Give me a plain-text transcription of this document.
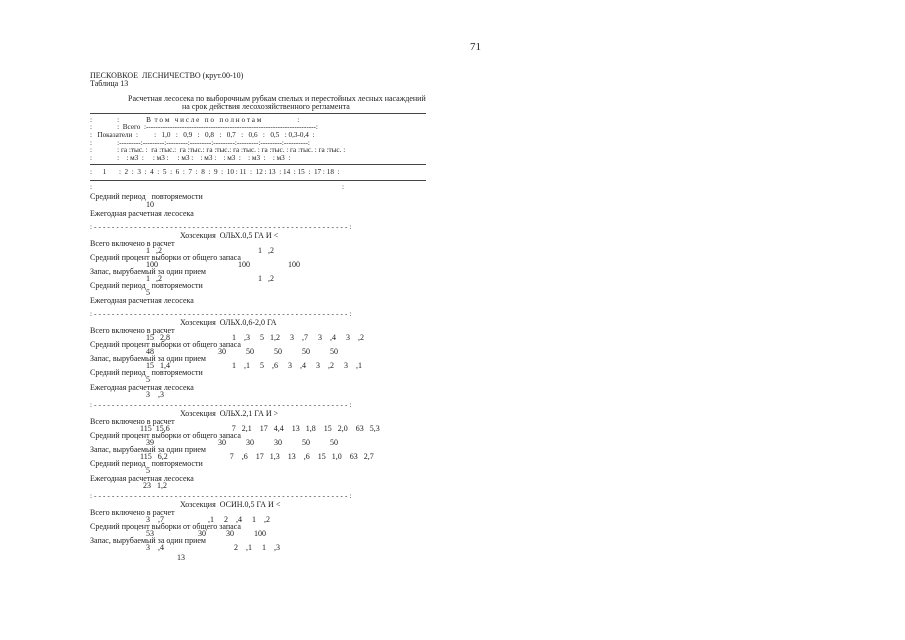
71
ПЕСКОВКОЕ  ЛЕСНИЧЕСТВО (крут.00-10)
Таблица 13
Расчетная лесосека по выборочным рубкам спелых и перестойных лесных насаждений
на срок действия лесохозяйственного регламента
:              :               В  т о м   ч и с л е   п о   п о л н о т а м                    :
:              :  Всего  :-----------------------------------------------------------------------:
:   Показатели  :         :   1,0   :   0,9   :   0,8   :   0,7   :   0,6   :   0,5   : 0,3-0,4  :
:              :---------:---------:---------:---------:---------:---------:---------:----------:
:              : га :тыс. :  га :тыс.:  га :тыс.: га :тыс.: га :тыс. : га :тыс. : га :тыс. : га :тыс. :
:              :    : м3  :     : м3 :     : м3 :    : м3 :    : м3  :    : м3  :    : м3  :
:      1       :  2  :  3  :  4  :  5  :  6  :  7  :  8  :  9  :  10 : 11  :  12 : 13  : 14  : 15  :  17 : 18  :
:	:
Средний период   повторяемости
10
Ежегодная расчетная лесосека
: - - - - - - - - - - - - - - - - - - - - - - - - - - - - - - - - - - - - - - - - - - - - - - - - - - - - - - - - - :
Хозсекция  ОЛЬХ.0,5 ГА И <
Всего включено в расчет
1   ,2                                                1   ,2
Средний процент выборки от общего запаса
100                                        100                   100
Запас, вырубаемый за один прием
1   ,2                                                1   ,2
Средний период   повторяемости
5
Ежегодная расчетная лесосека
: - - - - - - - - - - - - - - - - - - - - - - - - - - - - - - - - - - - - - - - - - - - - - - - - - - - - - - - - - :
Хозсекция  ОЛЬХ.0,6-2,0 ГА
Всего включено в расчет
15   2,8                               1    ,3     5   1,2     3    ,7     3    ,4     3    ,2
Средний процент выборки от общего запаса
48                                30          50          50          50          50
Запас, вырубаемый за один прием
15   1,4                               1    ,1     5    ,6     3    ,4     3    ,2     3    ,1
Средний период   повторяемости
5
Ежегодная расчетная лесосека
3    ,3
: - - - - - - - - - - - - - - - - - - - - - - - - - - - - - - - - - - - - - - - - - - - - - - - - - - - - - - - - - :
Хозсекция  ОЛЬХ.2,1 ГА И >
Всего включено в расчет
115  15,6                               7   2,1    17   4,4    13   1,8    15   2,0    63   5,3
Средний процент выборки от общего запаса
39                                30          30          30          50          50
Запас, вырубаемый за один прием
115   6,2                               7    ,6    17   1,3    13    ,6    15   1,0    63   2,7
Средний период   повторяемости
5
Ежегодная расчетная лесосека
23   1,2
: - - - - - - - - - - - - - - - - - - - - - - - - - - - - - - - - - - - - - - - - - - - - - - - - - - - - - - - - - :
Хозсекция  ОСИН.0,5 ГА И <
Всего включено в расчет
3    ,7                      ,1     2    ,4     1    ,2
Средний процент выборки от общего запаса
53                      30          30          100
Запас, вырубаемый за один прием
3    ,4                                   2    ,1     1    ,3
13
